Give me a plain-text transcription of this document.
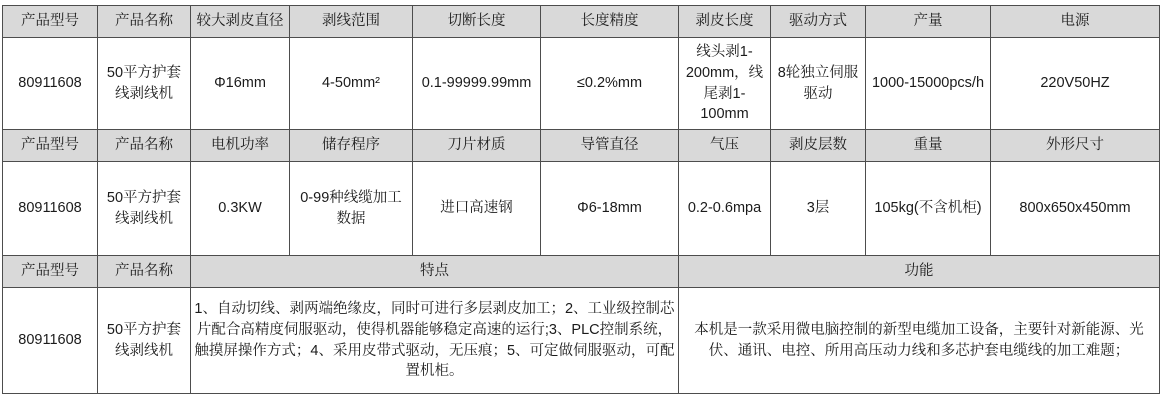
产品型号	产品名称	较大剥皮直径	剥线范围	切断长度	长度精度	剥皮长度	驱动方式	产量	电源
80911608	50平方护套线剥线机	Φ16mm	4-50mm²	0.1-99999.99mm	≤0.2%mm	线头剥1-200mm，线尾剥1-100mm	8轮独立伺服驱动	1000-15000pcs/h	220V50HZ
产品型号	产品名称	电机功率	储存程序	刀片材质	导管直径	气压	剥皮层数	重量	外形尺寸
80911608	50平方护套线剥线机	0.3KW	0-99种线缆加工数据	进口高速钢	Φ6-18mm	0.2-0.6mpa	3层	105kg(不含机柜)	800x650x450mm
产品型号	产品名称	特点				功能			
80911608	50平方护套线剥线机	1、自动切线、剥两端绝缘皮，同时可进行多层剥皮加工；2、工业级控制芯片配合高精度伺服驱动，使得机器能够稳定高速的运行;3、PLC控制系统，触摸屏操作方式；4、采用皮带式驱动，无压痕；5、可定做伺服驱动，可配置机柜。				本机是一款采用微电脑控制的新型电缆加工设备，主要针对新能源、光伏、通讯、电控、所用高压动力线和多芯护套电缆线的加工难题；			
